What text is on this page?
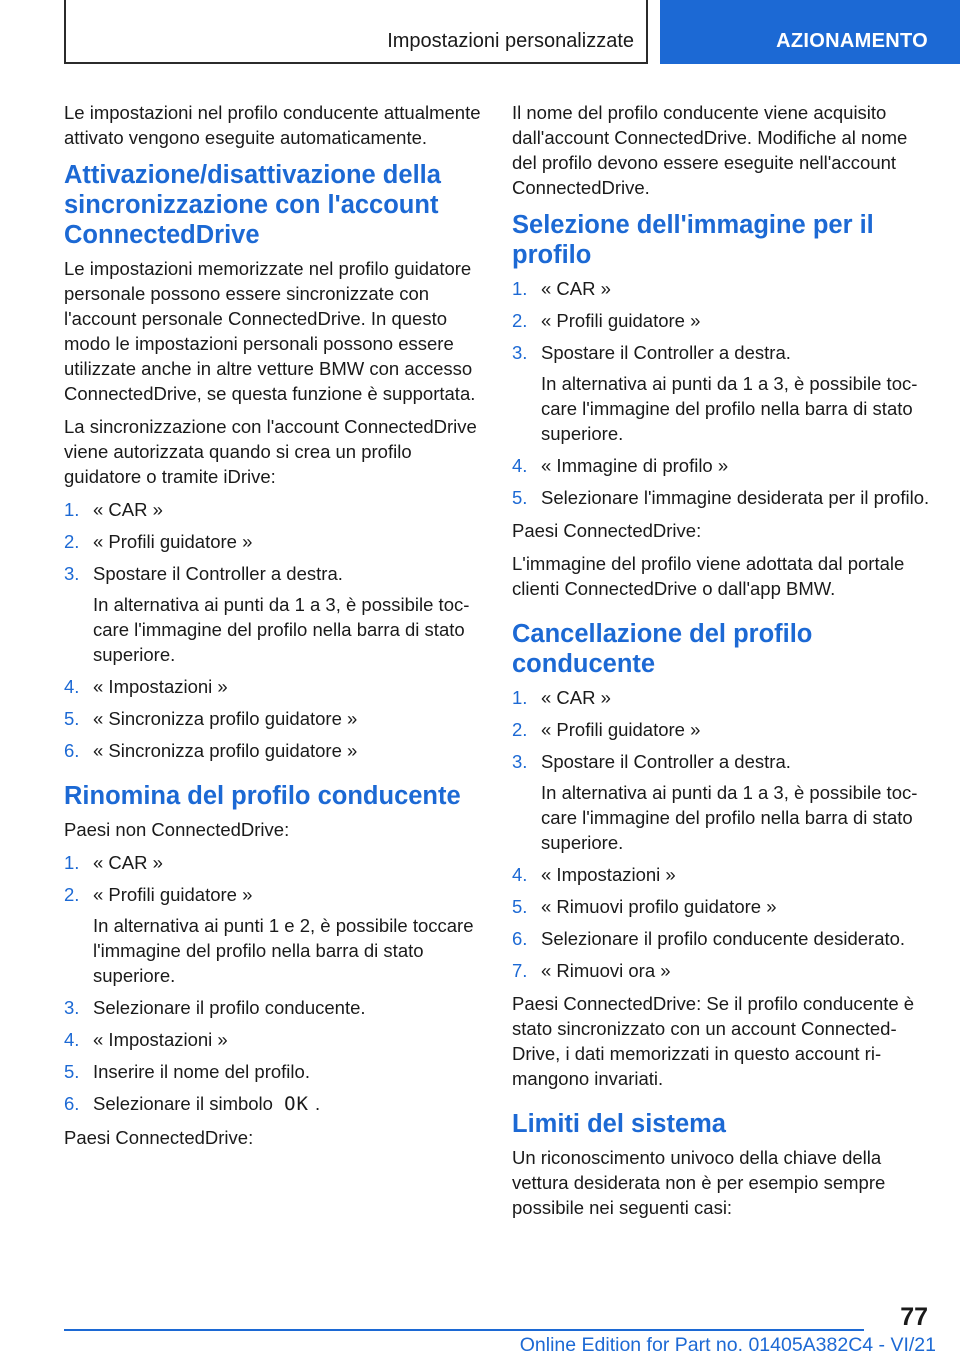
Impostazioni personalizzate	AZIONAMENTO

Le impostazioni nel profilo conducente attualmente attivato vengono eseguite automaticamente.

Attivazione/disattivazione della sincronizzazione con l'account ConnectedDrive

Le impostazioni memorizzate nel profilo guidatore personale possono essere sincronizzate con l'account personale ConnectedDrive. In questo modo le impostazioni personali possono essere utilizzate anche in altre vetture BMW con accesso ConnectedDrive, se questa funzione è supportata.

La sincronizzazione con l'account ConnectedDrive viene autorizzata quando si crea un profilo guidatore o tramite iDrive:

1. « CAR »
2. « Profili guidatore »
3. Spostare il Controller a destra.
In alternativa ai punti da 1 a 3, è possibile toccare l'immagine del profilo nella barra di stato superiore.
4. « Impostazioni »
5. « Sincronizza profilo guidatore »
6. « Sincronizza profilo guidatore »
Rinomina del profilo conducente

Paesi non ConnectedDrive:

1. « CAR »
2. « Profili guidatore »
In alternativa ai punti 1 e 2, è possibile toccare l'immagine del profilo nella barra di stato superiore.
3. Selezionare il profilo conducente.
4. « Impostazioni »
5. Inserire il nome del profilo.
6. Selezionare il simbolo OK .

Paesi ConnectedDrive:

Il nome del profilo conducente viene acquisito dall'account ConnectedDrive. Modifiche al nome del profilo devono essere eseguite nell'account ConnectedDrive.

Selezione dell'immagine per il profilo
1. « CAR »
2. « Profili guidatore »
3. Spostare il Controller a destra.
In alternativa ai punti da 1 a 3, è possibile toccare l'immagine del profilo nella barra di stato superiore.
4. « Immagine di profilo »
5. Selezionare l'immagine desiderata per il profilo.

Paesi ConnectedDrive:

L'immagine del profilo viene adottata dal portale clienti ConnectedDrive o dall'app BMW.

Cancellazione del profilo conducente
1. « CAR »
2. « Profili guidatore »
3. Spostare il Controller a destra.
In alternativa ai punti da 1 a 3, è possibile toccare l'immagine del profilo nella barra di stato superiore.
4. « Impostazioni »
5. « Rimuovi profilo guidatore »
6. Selezionare il profilo conducente desiderato.
7. « Rimuovi ora »

Paesi ConnectedDrive: Se il profilo conducente è stato sincronizzato con un account ConnectedDrive, i dati memorizzati in questo account rimangono invariati.

Limiti del sistema

Un riconoscimento univoco della chiave della vettura desiderata non è per esempio sempre possibile nei seguenti casi:

77
Online Edition for Part no. 01405A382C4 - VI/21
